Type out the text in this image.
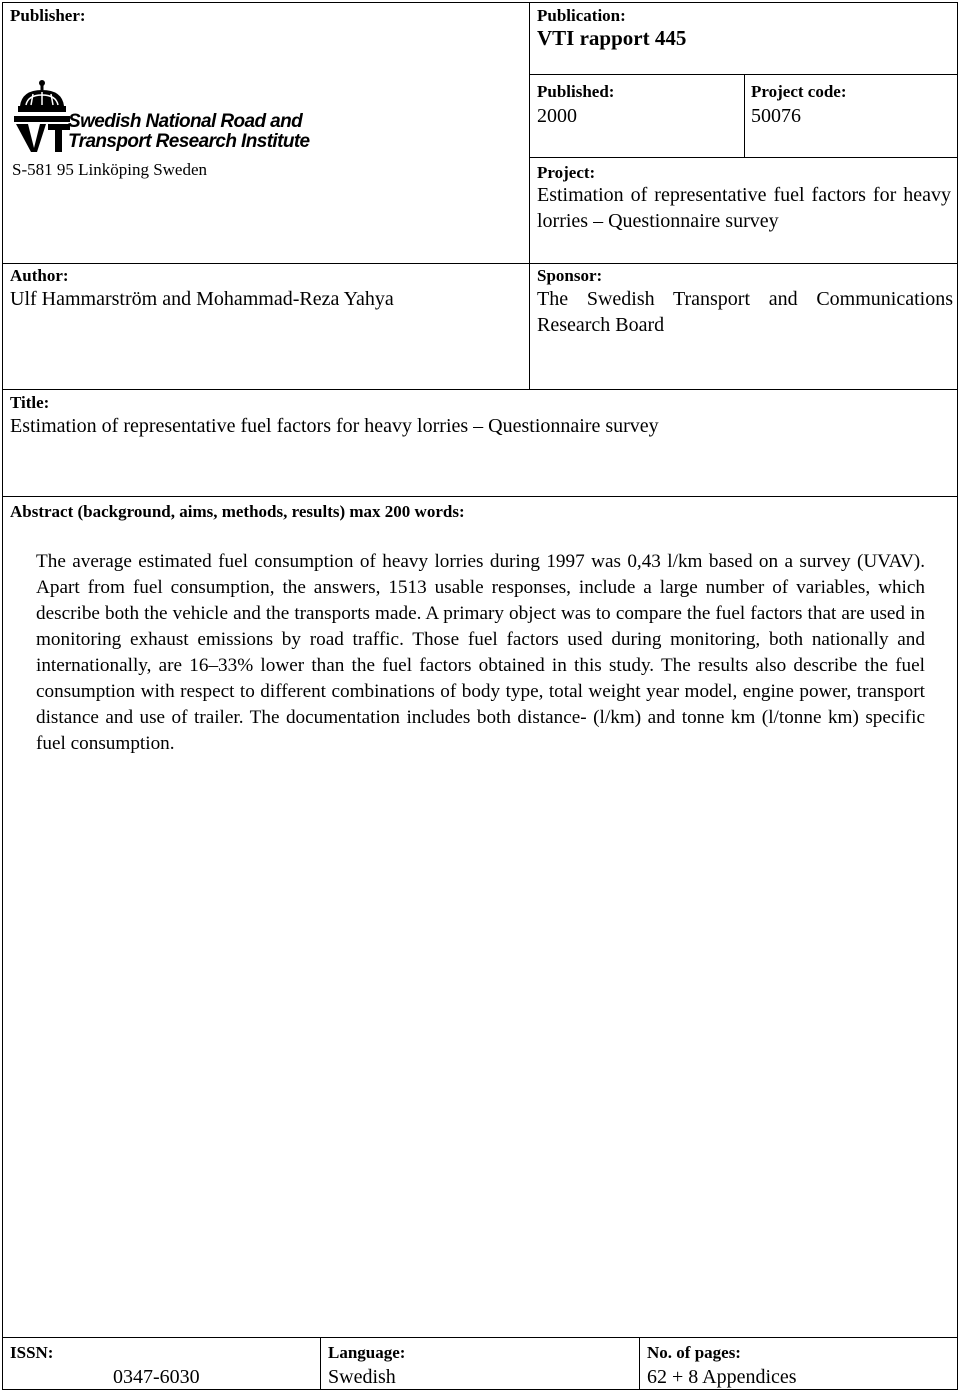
Publisher:
Swedish National Road and
Transport Research Institute
S-581 95 Linköping Sweden
Publication:
VTI rapport 445
Published:
2000
Project code:
50076
Project:
Estimation of representative fuel factors for heavy lorries – Questionnaire survey
Author:
Ulf Hammarström and Mohammad-Reza Yahya
Sponsor:
The Swedish Transport and Communications Research Board
Title:
Estimation of representative fuel factors for heavy lorries – Questionnaire survey
Abstract (background, aims, methods, results) max 200 words:
The average estimated fuel consumption of heavy lorries during 1997 was 0,43 l/km based on a survey (UVAV). Apart from fuel consumption, the answers, 1513 usable responses, include a large number of variables, which describe both the vehicle and the transports made. A primary object was to compare the fuel factors that are used in monitoring exhaust emissions by road traffic. Those fuel factors used during monitoring, both nationally and internationally, are 16–33% lower than the fuel factors obtained in this study. The results also describe the fuel consumption with respect to different combinations of body type, total weight year model, engine power, transport distance and use of trailer. The documentation includes both distance- (l/km) and tonne km (l/tonne km) specific fuel consumption.
ISSN:
0347-6030
Language:
Swedish
No. of pages:
62 + 8 Appendices
